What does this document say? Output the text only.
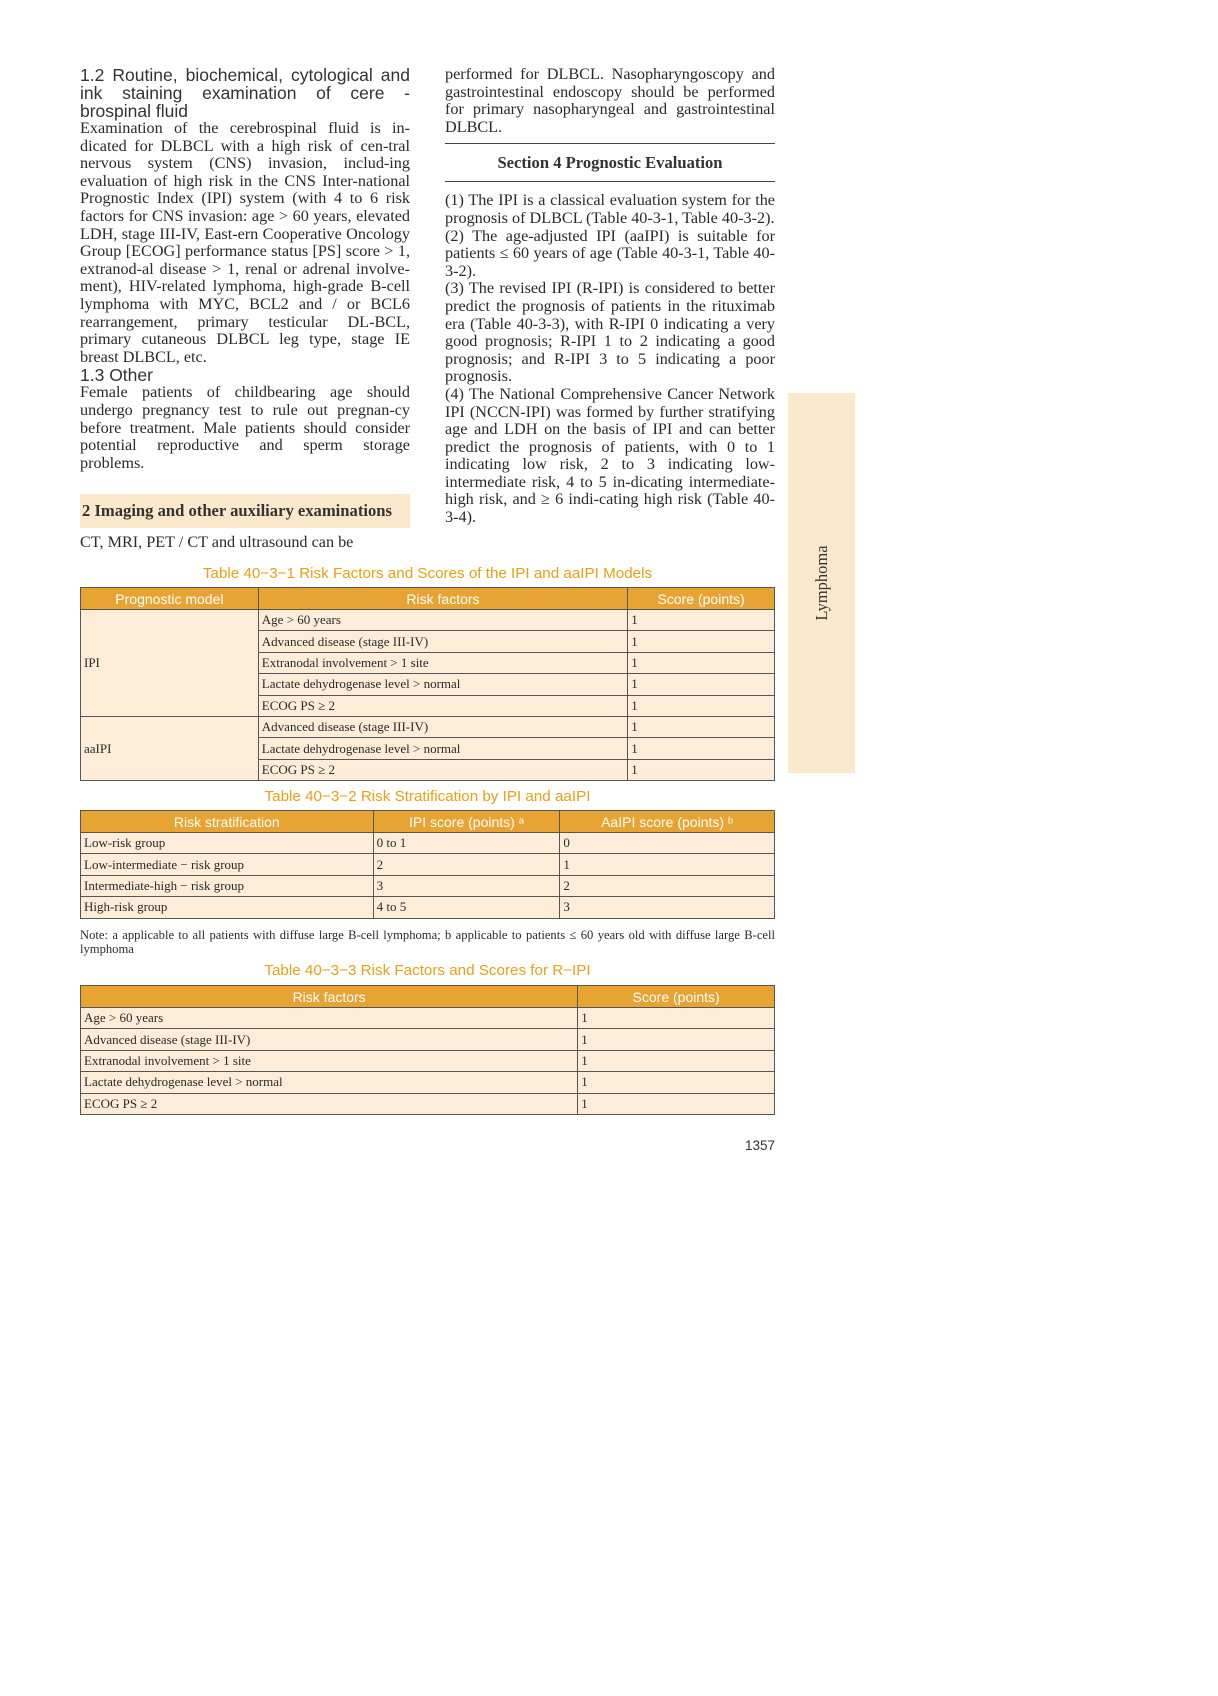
1.2 Routine, biochemical, cytological and ink staining examination of cere - brospinal fluid

Examination of the cerebrospinal fluid is in-dicated for DLBCL with a high risk of cen-tral nervous system (CNS) invasion, includ-ing evaluation of high risk in the CNS Inter-national Prognostic Index (IPI) system (with 4 to 6 risk factors for CNS invasion: age > 60 years, elevated LDH, stage III-IV, East-ern Cooperative Oncology Group [ECOG] performance status [PS] score > 1, extranod-al disease > 1, renal or adrenal involve-ment), HIV-related lymphoma, high-grade B-cell lymphoma with MYC, BCL2 and / or BCL6 rearrangement, primary testicular DL-BCL, primary cutaneous DLBCL leg type, stage IE breast DLBCL, etc.

1.3 Other

Female patients of childbearing age should undergo pregnancy test to rule out pregnan-cy before treatment. Male patients should consider potential reproductive and sperm storage problems.

2 Imaging and other auxiliary examinations

CT, MRI, PET / CT and ultrasound can be

performed for DLBCL. Nasopharyngoscopy and gastrointestinal endoscopy should be performed for primary nasopharyngeal and gastrointestinal DLBCL.

Section 4 Prognostic Evaluation

(1) The IPI is a classical evaluation system for the prognosis of DLBCL (Table 40-3-1, Table 40-3-2).

(2) The age-adjusted IPI (aaIPI) is suitable for patients ≤ 60 years of age (Table 40-3-1, Table 40-3-2).

(3) The revised IPI (R-IPI) is considered to better predict the prognosis of patients in the rituximab era (Table 40-3-3), with R-IPI 0 indicating a very good prognosis; R-IPI 1 to 2 indicating a good prognosis; and R-IPI 3 to 5 indicating a poor prognosis.

(4) The National Comprehensive Cancer Network IPI (NCCN-IPI) was formed by further stratifying age and LDH on the basis of IPI and can better predict the prognosis of patients, with 0 to 1 indicating low risk, 2 to 3 indicating low-intermediate risk, 4 to 5 in-dicating intermediate-high risk, and ≥ 6 indi-cating high risk (Table 40-3-4).

Lymphoma
Table 40−3−1 Risk Factors and Scores of the IPI and aaIPI Models
Prognostic model	Risk factors	Score (points)
IPI	Age > 60 years	1
	Advanced disease (stage III-IV)	1
	Extranodal involvement > 1 site	1
	Lactate dehydrogenase level > normal	1
	ECOG PS ≥ 2	1
aaIPI	Advanced disease (stage III-IV)	1
	Lactate dehydrogenase level > normal	1
	ECOG PS ≥ 2	1
Table 40−3−2 Risk Stratification by IPI and aaIPI
Risk stratification	IPI score (points) ᵃ	AaIPI score (points) ᵇ
Low-risk group	0 to 1	0
Low-intermediate − risk group	2	1
Intermediate-high − risk group	3	2
High-risk group	4 to 5	3
Note: a applicable to all patients with diffuse large B-cell lymphoma; b applicable to patients ≤ 60 years old with diffuse large B-cell lymphoma
Table 40−3−3 Risk Factors and Scores for R−IPI
Risk factors	Score (points)
Age > 60 years	1
Advanced disease (stage III-IV)	1
Extranodal involvement > 1 site	1
Lactate dehydrogenase level > normal	1
ECOG PS ≥ 2	1
1357
